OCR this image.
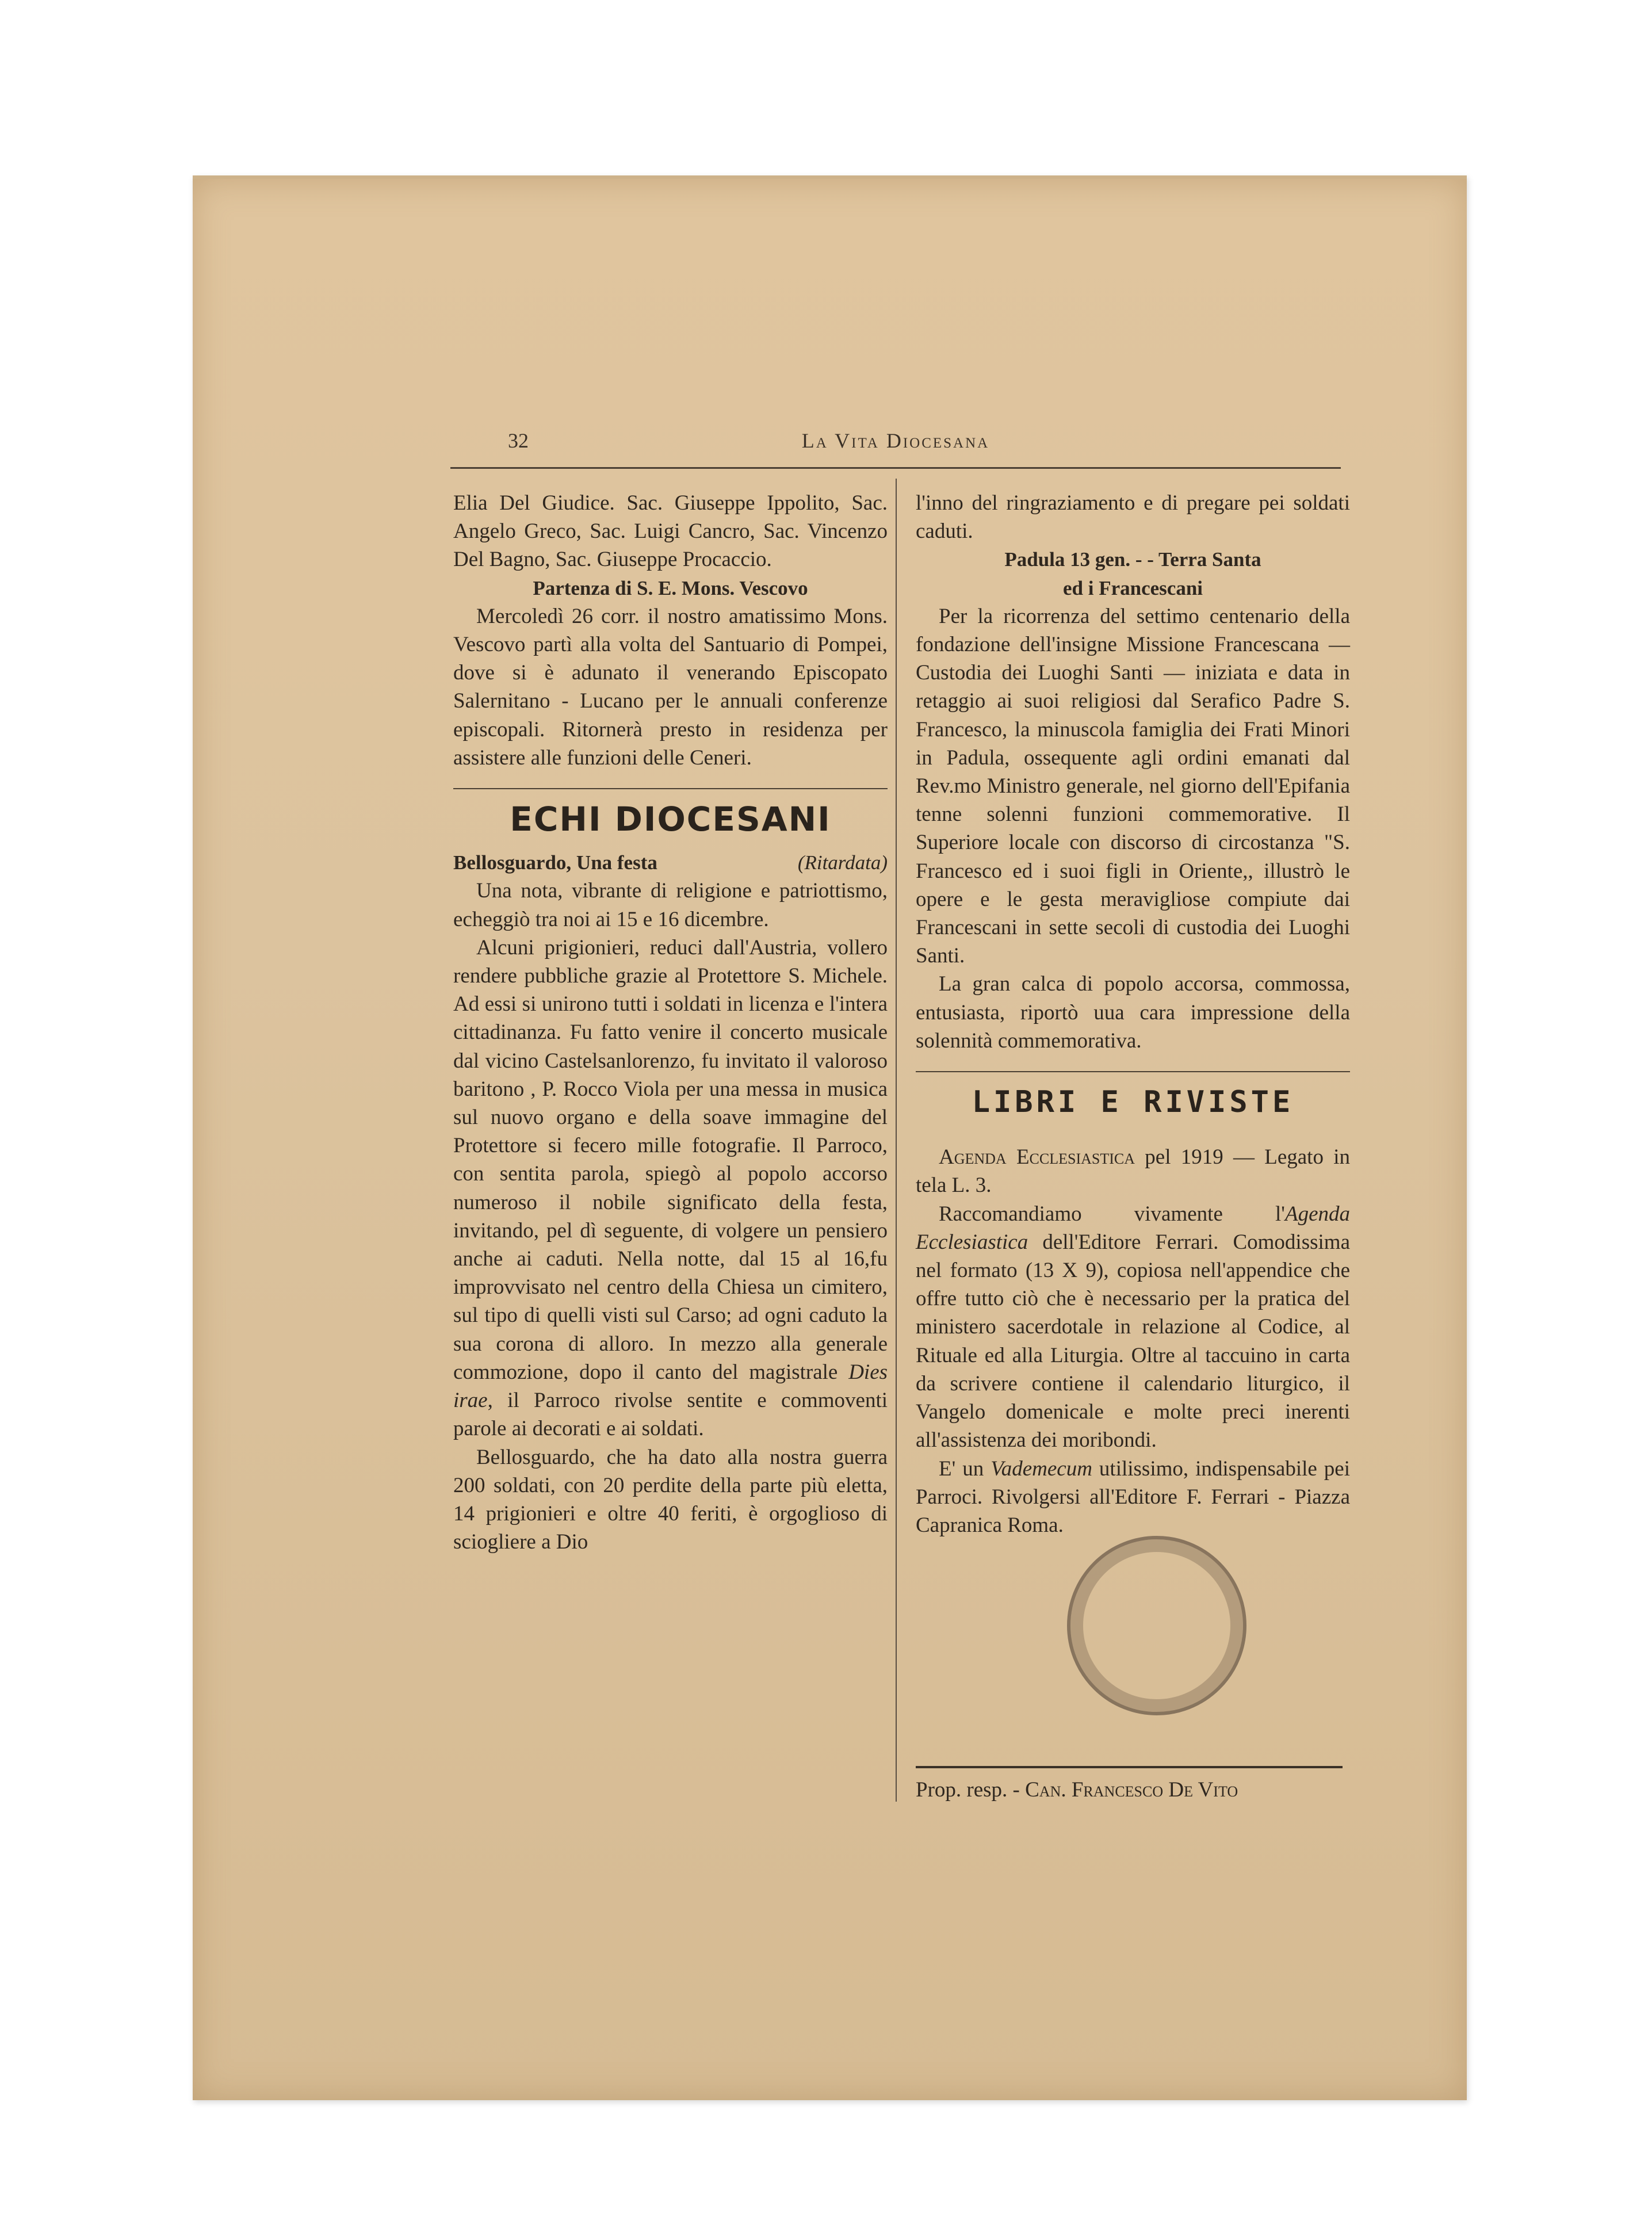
32	La Vita Diocesana

Elia Del Giudice. Sac. Giuseppe Ippolito, Sac. Angelo Greco, Sac. Luigi Cancro, Sac. Vincenzo Del Bagno, Sac. Giuseppe Procaccio.

Partenza di S. E. Mons. Vescovo

Mercoledì 26 corr. il nostro amatissimo Mons. Vescovo partì alla volta del Santuario di Pompei, dove si è adunato il venerando Episcopato Salernitano - Lucano per le annuali conferenze episcopali. Ritornerà presto in residenza per assistere alle funzioni delle Ceneri.

ECHI DIOCESANI
Bellosguardo, Una festa	(Ritardata)

Una nota, vibrante di religione e patriottismo, echeggiò tra noi ai 15 e 16 dicembre.

Alcuni prigionieri, reduci dall'Austria, vollero rendere pubbliche grazie al Protettore S. Michele. Ad essi si unirono tutti i soldati in licenza e l'intera cittadinanza. Fu fatto venire il concerto musicale dal vicino Castelsanlorenzo, fu invitato il valoroso baritono , P. Rocco Viola per una messa in musica sul nuovo organo e della soave immagine del Protettore si fecero mille fotografie. Il Parroco, con sentita parola, spiegò al popolo accorso numeroso il nobile significato della festa, invitando, pel dì seguente, di volgere un pensiero anche ai caduti. Nella notte, dal 15 al 16,fu improvvisato nel centro della Chiesa un cimitero, sul tipo di quelli visti sul Carso; ad ogni caduto la sua corona di alloro. In mezzo alla generale commozione, dopo il canto del magistrale Dies irae, il Parroco rivolse sentite e commoventi parole ai decorati e ai soldati.

Bellosguardo, che ha dato alla nostra guerra 200 soldati, con 20 perdite della parte più eletta, 14 prigionieri e oltre 40 feriti, è orgoglioso di sciogliere a Dio

l'inno del ringraziamento e di pregare pei soldati caduti.

Padula 13 gen. - - Terra Santa
ed i Francescani

Per la ricorrenza del settimo centenario della fondazione dell'insigne Missione Francescana — Custodia dei Luoghi Santi — iniziata e data in retaggio ai suoi religiosi dal Serafico Padre S. Francesco, la minuscola famiglia dei Frati Minori in Padula, ossequente agli ordini emanati dal Rev.mo Ministro generale, nel giorno dell'Epifania tenne solenni funzioni commemorative. Il Superiore locale con discorso di circostanza "S. Francesco ed i suoi figli in Oriente,, illustrò le opere e le gesta meravigliose compiute dai Francescani in sette secoli di custodia dei Luoghi Santi.

La gran calca di popolo accorsa, commossa, entusiasta, riportò uua cara impressione della solennità commemorativa.

LIBRI E RIVISTE

Agenda Ecclesiastica pel 1919 — Legato in tela L. 3.

Raccomandiamo vivamente l'Agenda Ecclesiastica dell'Editore Ferrari. Comodissima nel formato (13 X 9), copiosa nell'appendice che offre tutto ciò che è necessario per la pratica del ministero sacerdotale in relazione al Codice, al Rituale ed alla Liturgia. Oltre al taccuino in carta da scrivere contiene il calendario liturgico, il Vangelo domenicale e molte preci inerenti all'assistenza dei moribondi.

E' un Vademecum utilissimo, indispensabile pei Parroci. Rivolgersi all'Editore F. Ferrari - Piazza Capranica Roma.

Prop. resp. - Can. Francesco De Vito
